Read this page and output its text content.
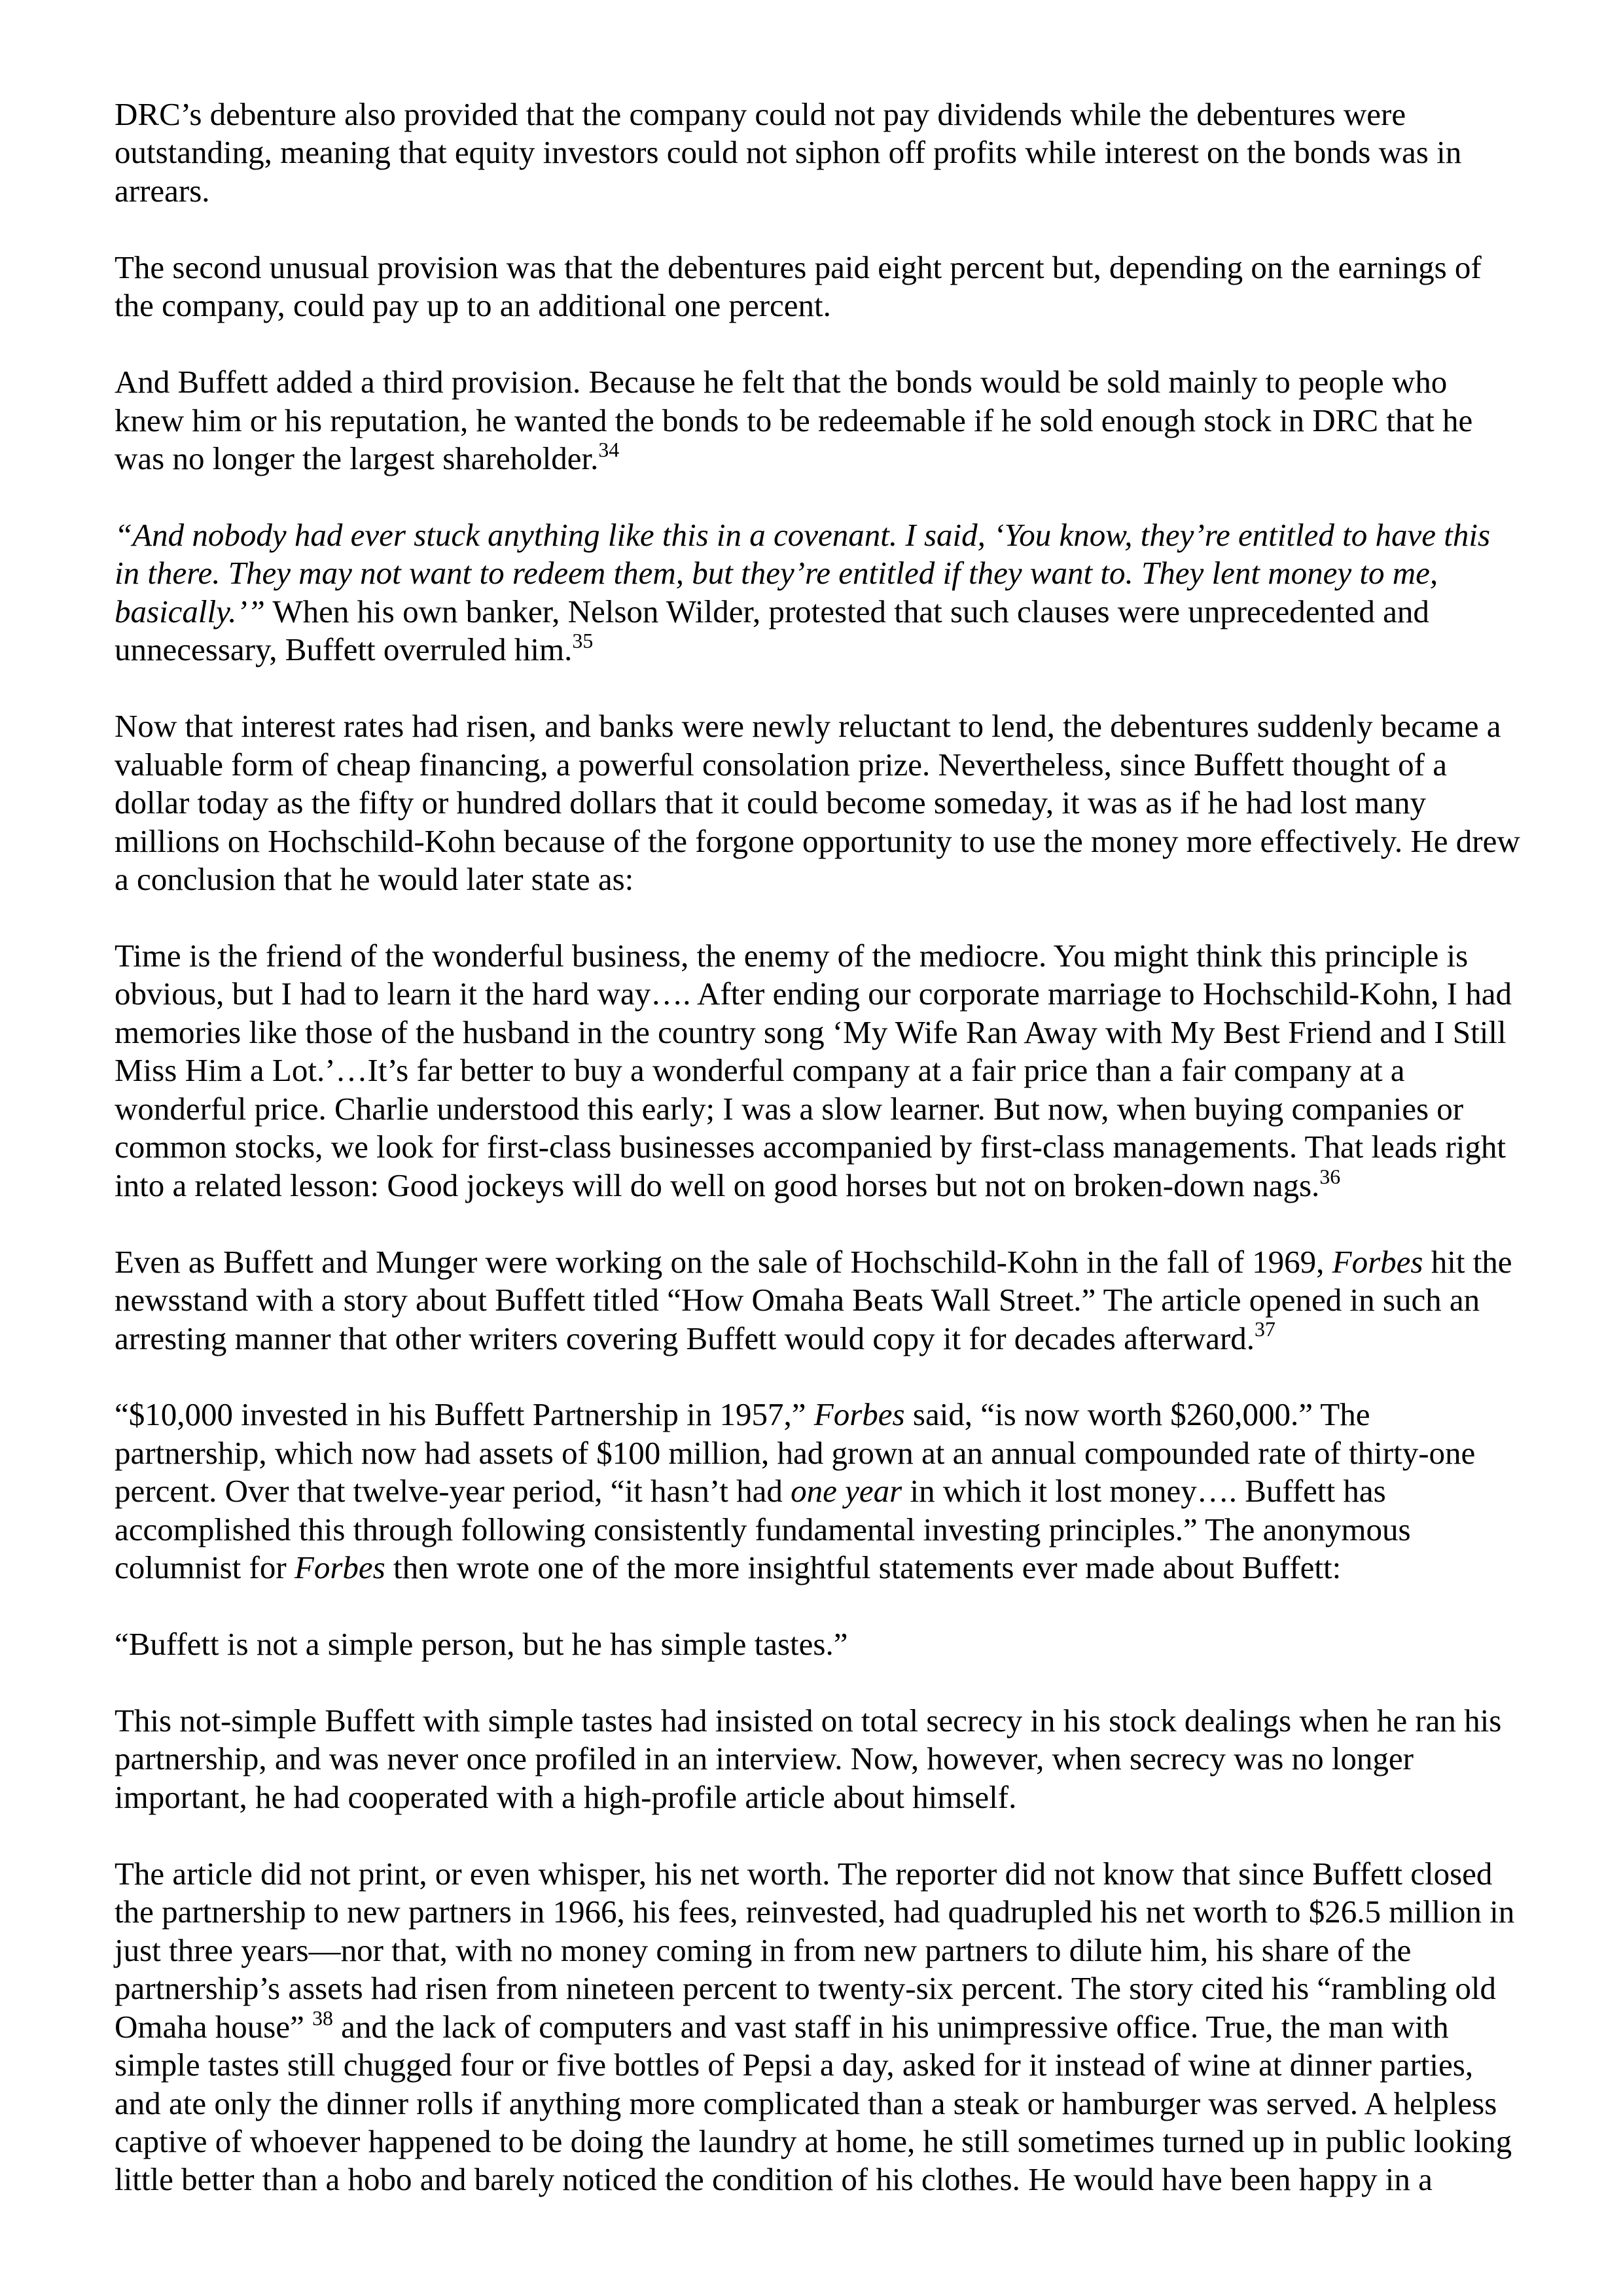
DRC’s debenture also provided that the company could not pay dividends while the debentures were
outstanding, meaning that equity investors could not siphon off profits while interest on the bonds was in
arrears.
The second unusual provision was that the debentures paid eight percent but, depending on the earnings of
the company, could pay up to an additional one percent.
And Buffett added a third provision. Because he felt that the bonds would be sold mainly to people who
knew him or his reputation, he wanted the bonds to be redeemable if he sold enough stock in DRC that he
was no longer the largest shareholder.$^{34}$
“And nobody had ever stuck anything like this in a covenant. I said, ‘You know, they’re entitled to have this
in there. They may not want to redeem them, but they’re entitled if they want to. They lent money to me,
basically.’” When his own banker, Nelson Wilder, protested that such clauses were unprecedented and
unnecessary, Buffett overruled him.$^{35}$
Now that interest rates had risen, and banks were newly reluctant to lend, the debentures suddenly became a
valuable form of cheap financing, a powerful consolation prize. Nevertheless, since Buffett thought of a
dollar today as the fifty or hundred dollars that it could become someday, it was as if he had lost many
millions on Hochschild-Kohn because of the forgone opportunity to use the money more effectively. He drew
a conclusion that he would later state as:
Time is the friend of the wonderful business, the enemy of the mediocre. You might think this principle is
obvious, but I had to learn it the hard way…. After ending our corporate marriage to Hochschild-Kohn, I had
memories like those of the husband in the country song ‘My Wife Ran Away with My Best Friend and I Still
Miss Him a Lot.’…It’s far better to buy a wonderful company at a fair price than a fair company at a
wonderful price. Charlie understood this early; I was a slow learner. But now, when buying companies or
common stocks, we look for first-class businesses accompanied by first-class managements. That leads right
into a related lesson: Good jockeys will do well on good horses but not on broken-down nags.$^{36}$
Even as Buffett and Munger were working on the sale of Hochschild-Kohn in the fall of 1969, Forbes hit the
newsstand with a story about Buffett titled “How Omaha Beats Wall Street.” The article opened in such an
arresting manner that other writers covering Buffett would copy it for decades afterward.$^{37}$
“$10,000 invested in his Buffett Partnership in 1957,” Forbes said, “is now worth $260,000.” The
partnership, which now had assets of $100 million, had grown at an annual compounded rate of thirty-one
percent. Over that twelve-year period, “it hasn’t had one year in which it lost money…. Buffett has
accomplished this through following consistently fundamental investing principles.” The anonymous
columnist for Forbes then wrote one of the more insightful statements ever made about Buffett:
“Buffett is not a simple person, but he has simple tastes.”
This not-simple Buffett with simple tastes had insisted on total secrecy in his stock dealings when he ran his
partnership, and was never once profiled in an interview. Now, however, when secrecy was no longer
important, he had cooperated with a high-profile article about himself.
The article did not print, or even whisper, his net worth. The reporter did not know that since Buffett closed
the partnership to new partners in 1966, his fees, reinvested, had quadrupled his net worth to $26.5 million in
just three years—nor that, with no money coming in from new partners to dilute him, his share of the
partnership’s assets had risen from nineteen percent to twenty-six percent. The story cited his “rambling old
Omaha house” $^{38}$ and the lack of computers and vast staff in his unimpressive office. True, the man with
simple tastes still chugged four or five bottles of Pepsi a day, asked for it instead of wine at dinner parties,
and ate only the dinner rolls if anything more complicated than a steak or hamburger was served. A helpless
captive of whoever happened to be doing the laundry at home, he still sometimes turned up in public looking
little better than a hobo and barely noticed the condition of his clothes. He would have been happy in a
